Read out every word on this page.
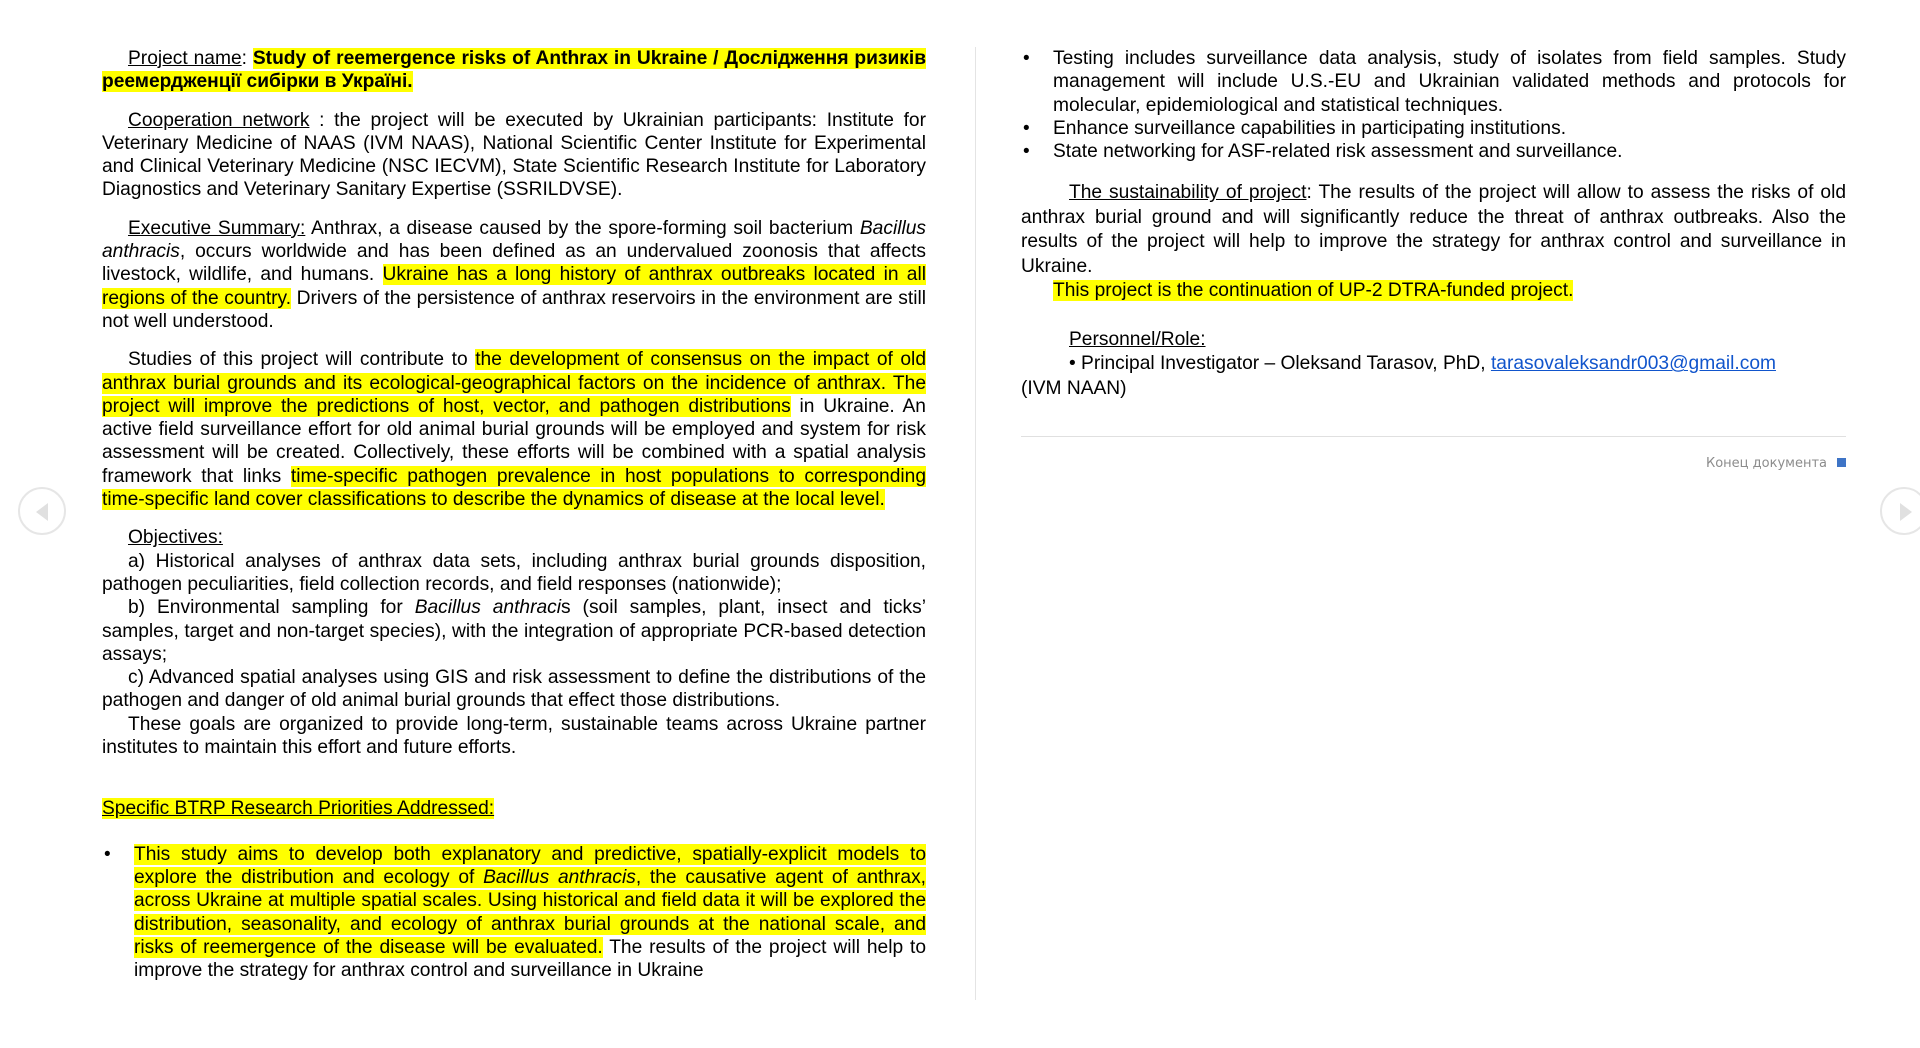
Project name: Study of reemergence risks of Anthrax in Ukraine / Дослідження ризиків реемердженції сибірки в Україні.

Cooperation network : the project will be executed by Ukrainian participants: Institute for Veterinary Medicine of NAAS (IVM NAAS), National Scientific Center Institute for Experimental and Clinical Veterinary Medicine (NSC IECVM), State Scientific Research Institute for Laboratory Diagnostics and Veterinary Sanitary Expertise (SSRILDVSE).

Executive Summary: Anthrax, a disease caused by the spore-forming soil bacterium Bacillus anthracis, occurs worldwide and has been defined as an undervalued zoonosis that affects livestock, wildlife, and humans. Ukraine has a long history of anthrax outbreaks located in all regions of the country. Drivers of the persistence of anthrax reservoirs in the environment are still not well understood.

Studies of this project will contribute to the development of consensus on the impact of old anthrax burial grounds and its ecological-geographical factors on the incidence of anthrax. The project will improve the predictions of host, vector, and pathogen distributions in Ukraine. An active field surveillance effort for old animal burial grounds will be employed and system for risk assessment will be created. Collectively, these efforts will be combined with a spatial analysis framework that links time-specific pathogen prevalence in host populations to corresponding time-specific land cover classifications to describe the dynamics of disease at the local level.

Objectives:

a) Historical analyses of anthrax data sets, including anthrax burial grounds disposition, pathogen peculiarities, field collection records, and field responses (nationwide);

b) Environmental sampling for Bacillus anthracis (soil samples, plant, insect and ticks’ samples, target and non-target species), with the integration of appropriate PCR-based detection assays;

c) Advanced spatial analyses using GIS and risk assessment to define the distributions of the pathogen and danger of old animal burial grounds that effect those distributions.

These goals are organized to provide long-term, sustainable teams across Ukraine partner institutes to maintain this effort and future efforts.

Specific BTRP Research Priorities Addressed:

• This study aims to develop both explanatory and predictive, spatially-explicit models to explore the distribution and ecology of Bacillus anthracis, the causative agent of anthrax, across Ukraine at multiple spatial scales. Using historical and field data it will be explored the distribution, seasonality, and ecology of anthrax burial grounds at the national scale, and risks of reemergence of the disease will be evaluated. The results of the project will help to improve the strategy for anthrax control and surveillance in Ukraine
• Testing includes surveillance data analysis, study of isolates from field samples. Study management will include U.S.-EU and Ukrainian validated methods and protocols for molecular, epidemiological and statistical techniques.
• Enhance surveillance capabilities in participating institutions.
• State networking for ASF-related risk assessment and surveillance.

The sustainability of project: The results of the project will allow to assess the risks of old anthrax burial ground and will significantly reduce the threat of anthrax outbreaks. Also the results of the project will help to improve the strategy for anthrax control and surveillance in Ukraine.

This project is the continuation of UP-2 DTRA-funded project.

Personnel/Role:

• Principal Investigator – Oleksand Tarasov, PhD, tarasovaleksandr003@gmail.com

(IVM NAAN)

Конец документа
